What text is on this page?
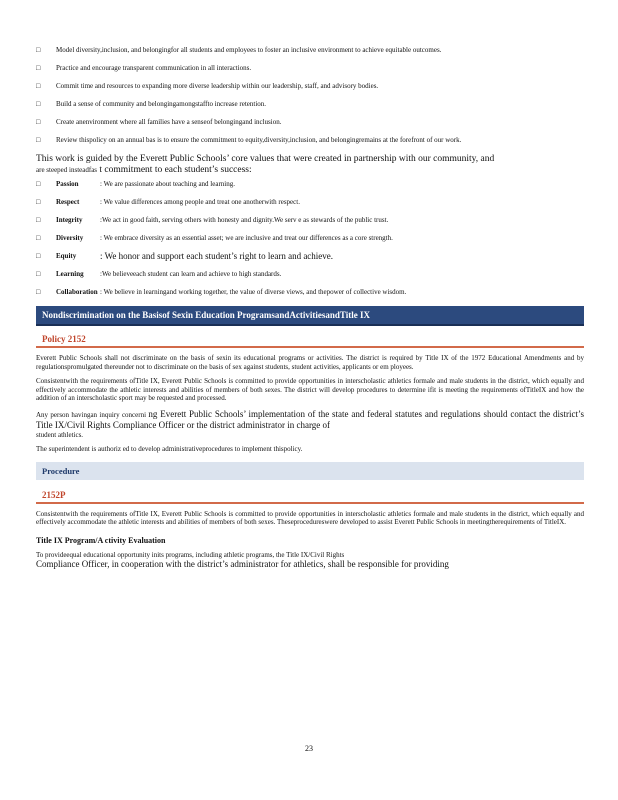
□	Model diversity,inclusion, and belongingfor all students and employees to foster an inclusive environment to achieve equitable outcomes.
□	Practice and encourage transparent communication in all interactions.
□	Commit time and resources to expanding more diverse leadership within our leadership, staff, and advisory bodies.
□	Build a sense of community and belongingamongstaffto increase retention.
□	Create anenvironment where all families have a senseof belongingand inclusion.
□	Review thispolicy on an annual bas is to ensure the commitment to equity,diversity,inclusion, and belongingremains at the forefront of our work.
This work is guided by the Everett Public Schools’ core values that were created in partnership with our community, and
are steeped insteadfas t commitment to each student’s success:
□	Passion	: We are passionate about teaching and learning.
□	Respect	: We value differences among people and treat one anotherwith respect.
□	Integrity	:We act in good faith, serving others with honesty and dignity.We serv e as stewards of the public trust.
□	Diversity	: We embrace diversity as an essential asset; we are inclusive and treat our differences as a core strength.
□	Equity	: We honor and support each student’s right to learn and achieve.
□	Learning	:We believeeach student can learn and achieve to high standards.
□	Collaboration : We believe in learningand working together, the value of diverse views, and thepower of collective wisdom.
Nondiscrimination on the Basisof Sexin Education ProgramsandActivitiesandTitle IX
Policy 2152
Everett Public Schools shall not discriminate on the basis of sexin its educational programs or activities. The district is required by Title IX of the 1972 Educational Amendments and by regulationspromulgated thereunder not to discriminate on the basis of sex against students, student activities, applicants or em ployees.
Consistentwith the requirements ofTitle IX, Everett Public Schools is committed to provide opportunities in interscholastic athletics formale and male students in the district, which equally and effectively accommodate the athletic interests and abilities of members of both sexes. The district will develop procedures to determine ifit is meeting the requirements ofTitleIX and how the addition of an interscholastic sport may be requested and processed.
Any person havingan inquiry concerni ng Everett Public Schools’ implementation of the state and federal statutes and regulations should contact the district’s Title IX/Civil Rights Compliance Officer or the district administrator in charge of
student athletics.
The superintendent is authoriz ed to develop administrativeprocedures to implement thispolicy.
Procedure
2152P
Consistentwith the requirements ofTitle IX, Everett Public Schools is committed to provide opportunities in interscholastic athletics formale and male students in the district, which equally and effectively accommodate the athletic interests and abilities of members of both sexes. Theseprocedureswere developed to assist Everett Public Schools in meetingtherequirements of TitleIX.
Title IX Program/A ctivity Evaluation
To provideequal educational opportunity inits programs, including athletic programs, the Title IX/Civil Rights
Compliance Officer, in cooperation with the district’s administrator for athletics, shall be responsible for providing
23
